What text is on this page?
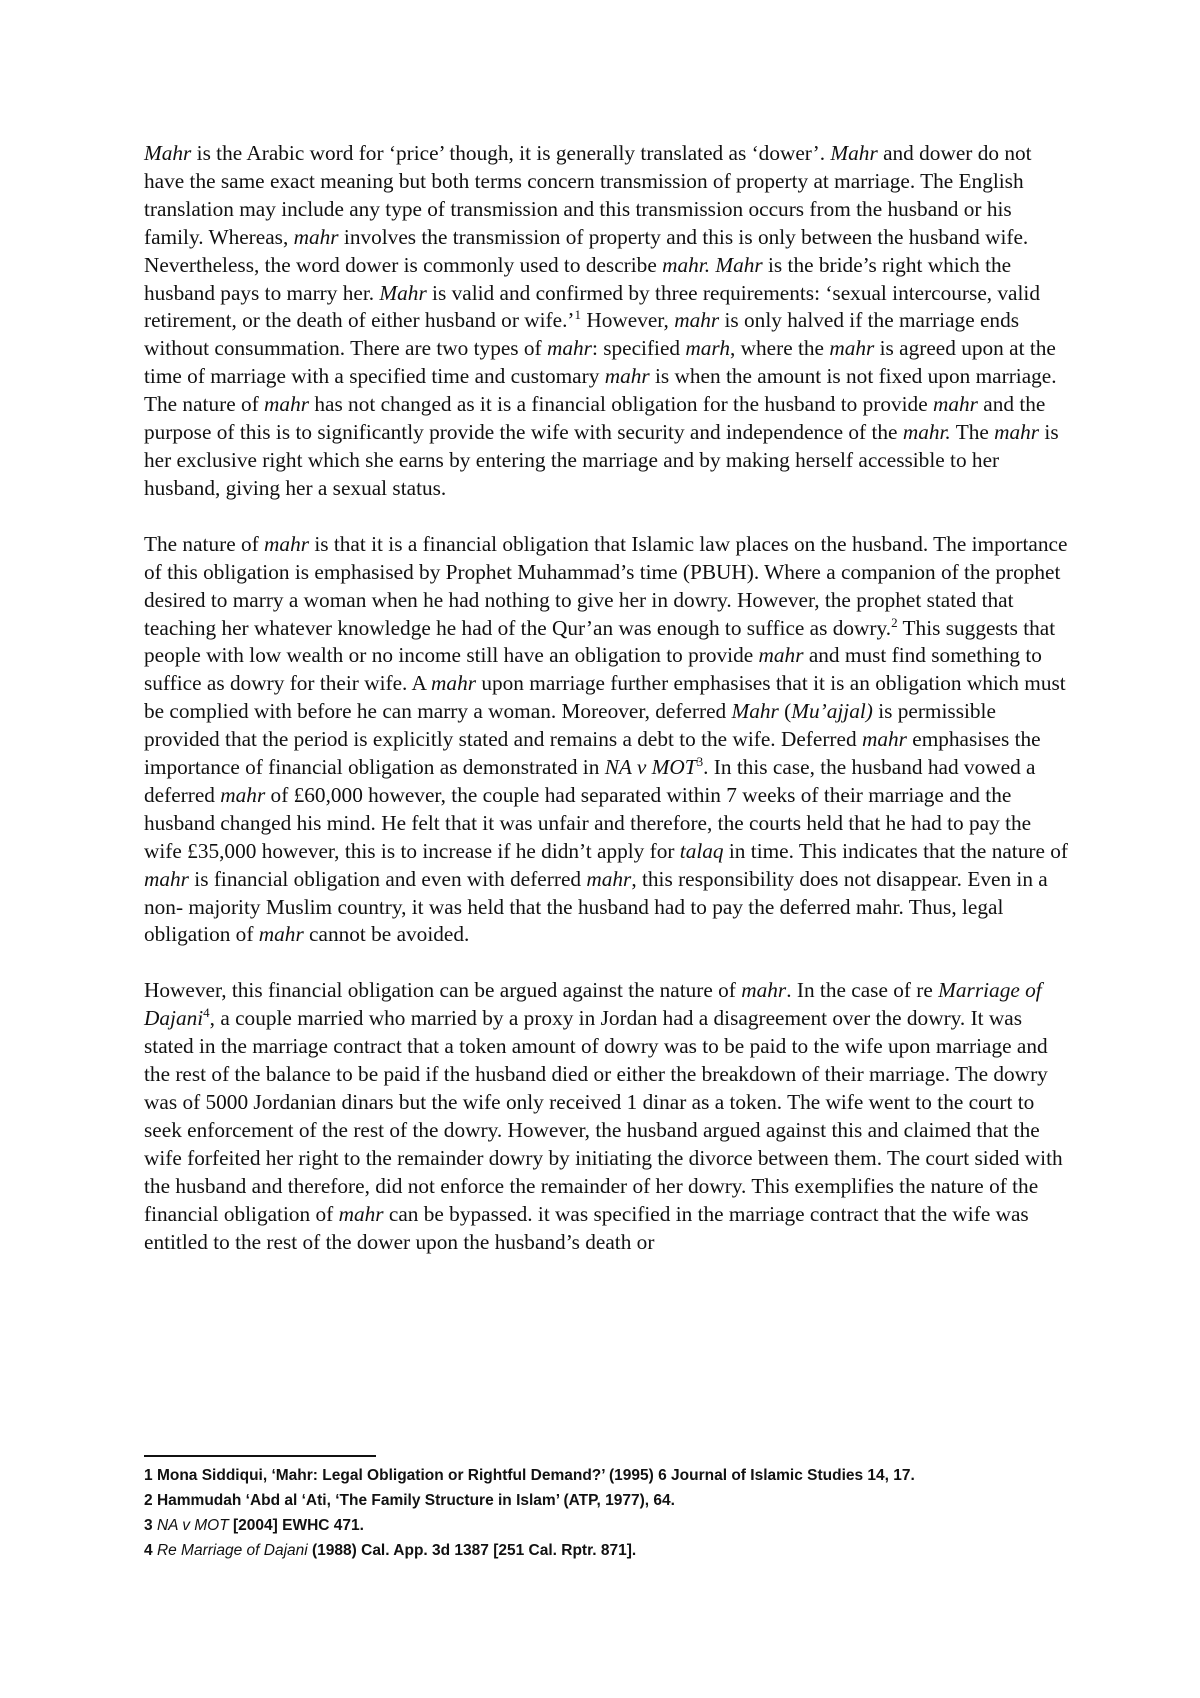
Mahr is the Arabic word for ‘price’ though, it is generally translated as ‘dower’. Mahr and dower do not have the same exact meaning but both terms concern transmission of property at marriage. The English translation may include any type of transmission and this transmission occurs from the husband or his family. Whereas, mahr involves the transmission of property and this is only between the husband wife. Nevertheless, the word dower is commonly used to describe mahr. Mahr is the bride’s right which the husband pays to marry her. Mahr is valid and confirmed by three requirements: ‘sexual intercourse, valid retirement, or the death of either husband or wife.’$^1$ However, mahr is only halved if the marriage ends without consummation. There are two types of mahr: specified marh, where the mahr is agreed upon at the time of marriage with a specified time and customary mahr is when the amount is not fixed upon marriage. The nature of mahr has not changed as it is a financial obligation for the husband to provide mahr and the purpose of this is to significantly provide the wife with security and independence of the mahr. The mahr is her exclusive right which she earns by entering the marriage and by making herself accessible to her husband, giving her a sexual status.

The nature of mahr is that it is a financial obligation that Islamic law places on the husband. The importance of this obligation is emphasised by Prophet Muhammad’s time (PBUH). Where a companion of the prophet desired to marry a woman when he had nothing to give her in dowry. However, the prophet stated that teaching her whatever knowledge he had of the Qur’an was enough to suffice as dowry.$^2$ This suggests that people with low wealth or no income still have an obligation to provide mahr and must find something to suffice as dowry for their wife. A mahr upon marriage further emphasises that it is an obligation which must be complied with before he can marry a woman. Moreover, deferred Mahr (Mu’ajjal) is permissible provided that the period is explicitly stated and remains a debt to the wife. Deferred mahr emphasises the importance of financial obligation as demonstrated in NA v MOT$^3$. In this case, the husband had vowed a deferred mahr of £60,000 however, the couple had separated within 7 weeks of their marriage and the husband changed his mind. He felt that it was unfair and therefore, the courts held that he had to pay the wife £35,000 however, this is to increase if he didn’t apply for talaq in time. This indicates that the nature of mahr is financial obligation and even with deferred mahr, this responsibility does not disappear. Even in a non- majority Muslim country, it was held that the husband had to pay the deferred mahr. Thus, legal obligation of mahr cannot be avoided.

However, this financial obligation can be argued against the nature of mahr. In the case of re Marriage of Dajani$^4$, a couple married who married by a proxy in Jordan had a disagreement over the dowry. It was stated in the marriage contract that a token amount of dowry was to be paid to the wife upon marriage and the rest of the balance to be paid if the husband died or either the breakdown of their marriage. The dowry was of 5000 Jordanian dinars but the wife only received 1 dinar as a token. The wife went to the court to seek enforcement of the rest of the dowry. However, the husband argued against this and claimed that the wife forfeited her right to the remainder dowry by initiating the divorce between them. The court sided with the husband and therefore, did not enforce the remainder of her dowry. This exemplifies the nature of the financial obligation of mahr can be bypassed. it was specified in the marriage contract that the wife was entitled to the rest of the dower upon the husband’s death or

1 Mona Siddiqui, ‘Mahr: Legal Obligation or Rightful Demand?’ (1995) 6 Journal of Islamic Studies 14, 17.

2 Hammudah ‘Abd al ‘Ati, ‘The Family Structure in Islam’ (ATP, 1977), 64.

3 NA v MOT [2004] EWHC 471.

4 Re Marriage of Dajani (1988) Cal. App. 3d 1387 [251 Cal. Rptr. 871].
